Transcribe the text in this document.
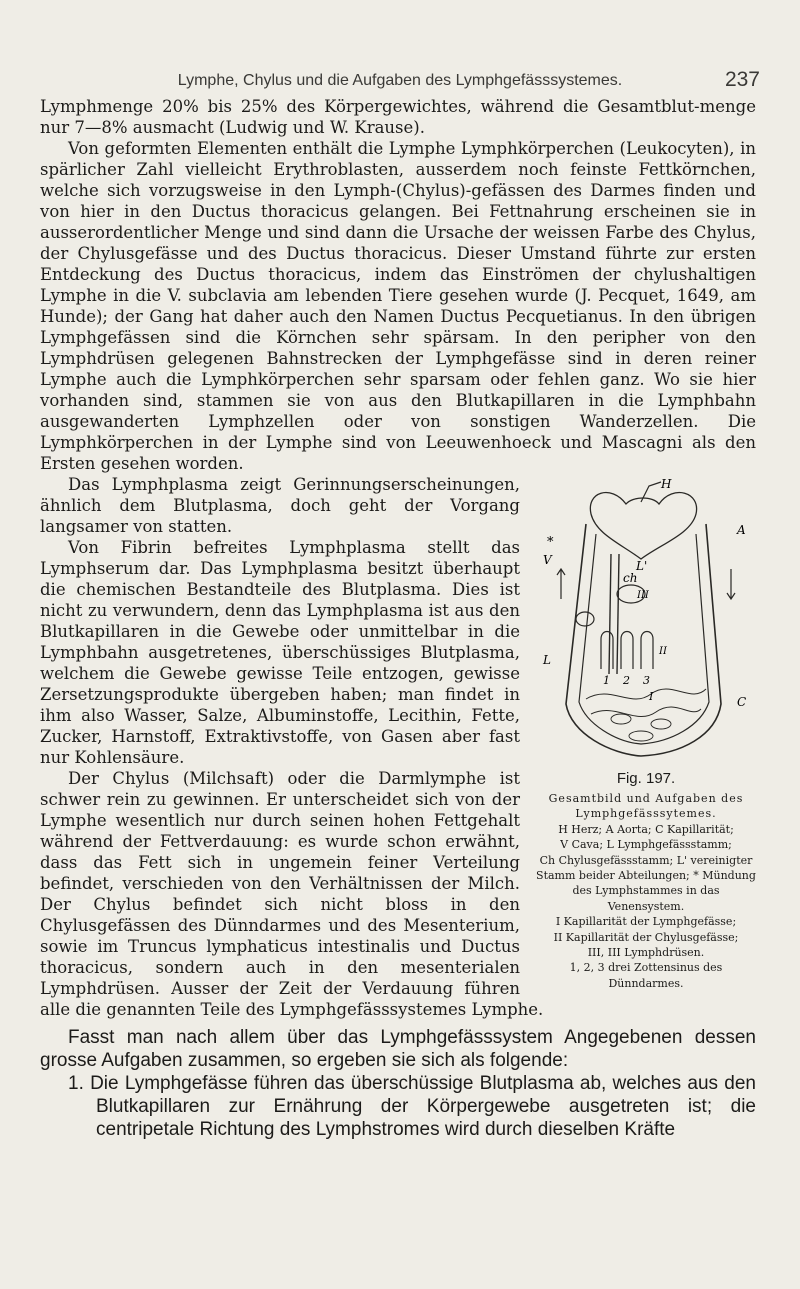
Lymphe, Chylus und die Aufgaben des Lymphgefässsystemes.	237

Lymphmenge 20% bis 25% des Körpergewichtes, während die Gesamtblut-menge nur 7—8% ausmacht (Ludwig und W. Krause).

Von geformten Elementen enthält die Lymphe Lymphkörperchen (Leukocyten), in spärlicher Zahl vielleicht Erythroblasten, ausserdem noch feinste Fettkörnchen, welche sich vorzugsweise in den Lymph-(Chylus)-gefässen des Darmes finden und von hier in den Ductus thoracicus gelangen. Bei Fettnahrung erscheinen sie in ausserordentlicher Menge und sind dann die Ursache der weissen Farbe des Chylus, der Chylusgefässe und des Ductus thoracicus. Dieser Umstand führte zur ersten Entdeckung des Ductus thoracicus, indem das Einströmen der chylushaltigen Lymphe in die V. subclavia am lebenden Tiere gesehen wurde (J. Pecquet, 1649, am Hunde); der Gang hat daher auch den Namen Ductus Pecquetianus. In den übrigen Lymphgefässen sind die Körnchen sehr spärsam. In den peripher von den Lymphdrüsen gelegenen Bahnstrecken der Lymphgefässe sind in deren reiner Lymphe auch die Lymphkörperchen sehr sparsam oder fehlen ganz. Wo sie hier vorhanden sind, stammen sie von aus den Blutkapillaren in die Lymphbahn ausgewanderten Lymphzellen oder von sonstigen Wanderzellen. Die Lymphkörperchen in der Lymphe sind von Leeuwenhoeck und Mascagni als den Ersten gesehen worden.

H
A
V
*
L'
ch
III
L
II
1 2 3
I	C
Fig. 197.
Gesamtbild und Aufgaben des Lymphgefässsytemes.
H Herz; A Aorta; C Kapillarität;
V Cava; L Lymphgefässstamm;
Ch Chylusgefässstamm; L' vereinigter Stamm beider Abteilungen; * Mündung des Lymphstammes in das Venensystem.
I Kapillarität der Lymphgefässe;
II Kapillarität der Chylusgefässe;
III, III Lymphdrüsen.
1, 2, 3 drei Zottensinus des Dünndarmes.

Das Lymphplasma zeigt Gerinnungserscheinungen, ähnlich dem Blutplasma, doch geht der Vorgang langsamer von statten.

Von Fibrin befreites Lymphplasma stellt das Lymphserum dar. Das Lymphplasma besitzt überhaupt die chemischen Bestandteile des Blutplasma. Dies ist nicht zu verwundern, denn das Lymphplasma ist aus den Blutkapillaren in die Gewebe oder unmittelbar in die Lymphbahn ausgetretenes, überschüssiges Blutplasma, welchem die Gewebe gewisse Teile entzogen, gewisse Zersetzungsprodukte übergeben haben; man findet in ihm also Wasser, Salze, Albuminstoffe, Lecithin, Fette, Zucker, Harnstoff, Extraktivstoffe, von Gasen aber fast nur Kohlensäure.

Der Chylus (Milchsaft) oder die Darmlymphe ist schwer rein zu gewinnen. Er unterscheidet sich von der Lymphe wesentlich nur durch seinen hohen Fettgehalt während der Fettverdauung: es wurde schon erwähnt, dass das Fett sich in ungemein feiner Verteilung befindet, verschieden von den Verhältnissen der Milch. Der Chylus befindet sich nicht bloss in den Chylusgefässen des Dünndarmes und des Mesenterium, sowie im Truncus lymphaticus intestinalis und Ductus thoracicus, sondern auch in den mesenterialen Lymphdrüsen. Ausser der Zeit der Verdauung führen alle die genannten Teile des Lymphgefässsystemes Lymphe.

Fasst man nach allem über das Lymphgefässsystem Angegebenen dessen grosse Aufgaben zusammen, so ergeben sie sich als folgende:

1. Die Lymphgefässe führen das überschüssige Blutplasma ab, welches aus den Blutkapillaren zur Ernährung der Körpergewebe ausgetreten ist; die centripetale Richtung des Lymphstromes wird durch dieselben Kräfte
